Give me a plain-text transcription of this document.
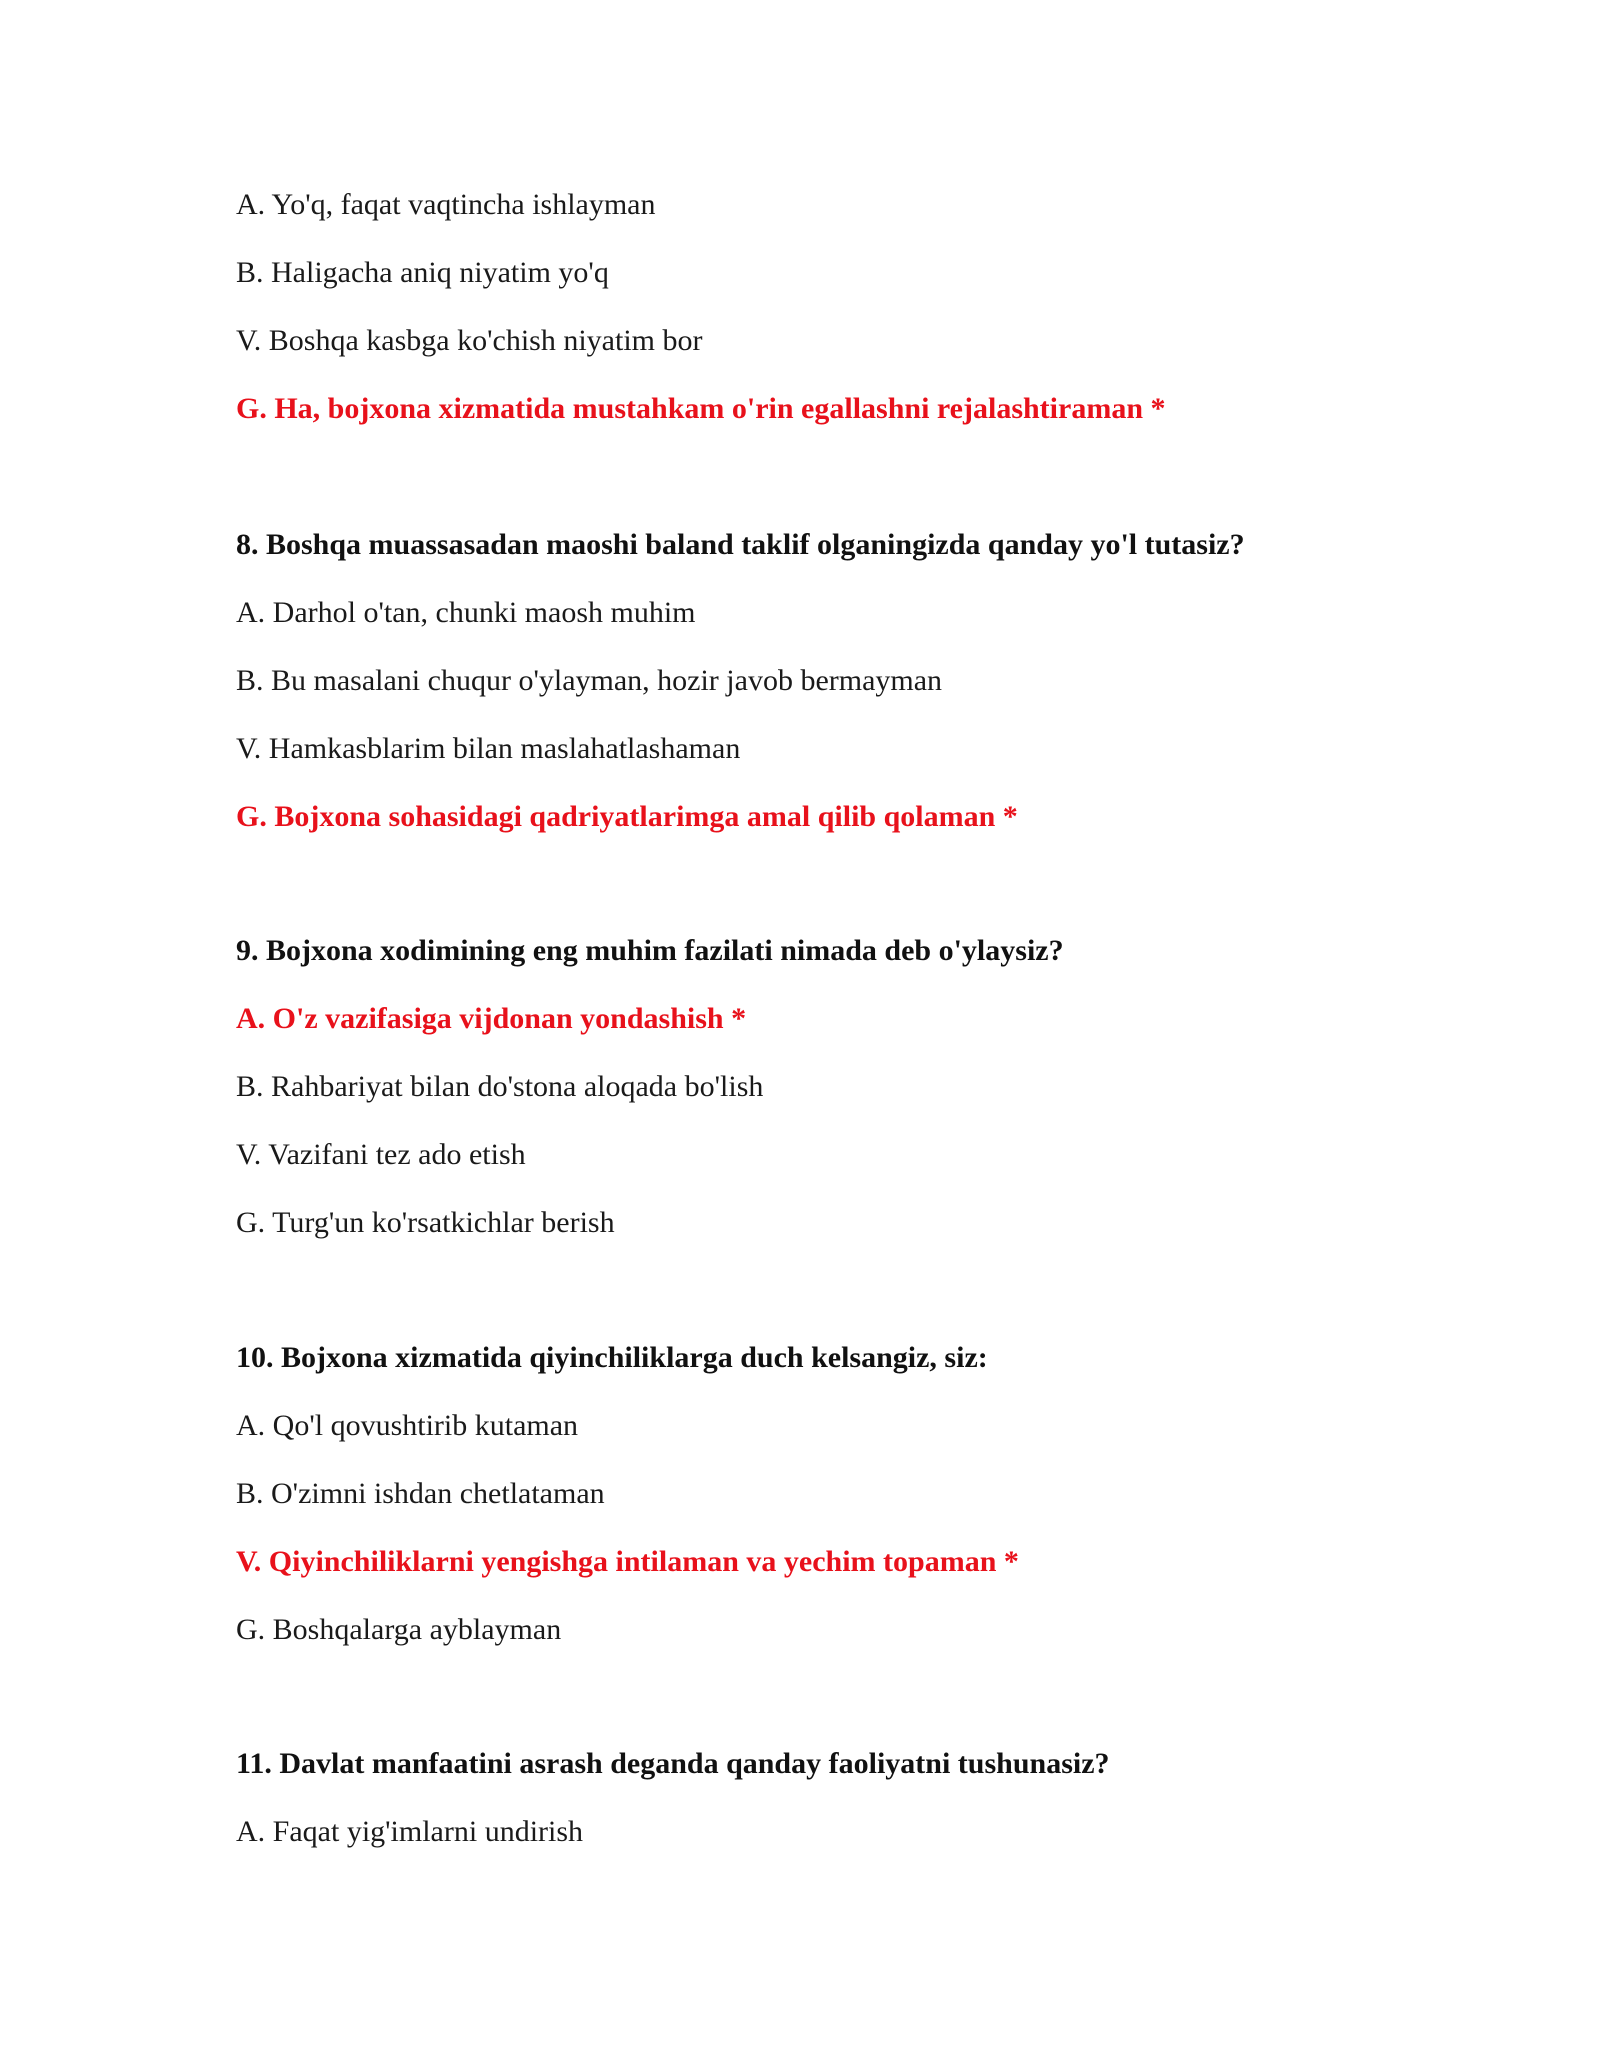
A. Yo'q, faqat vaqtincha ishlayman
B. Haligacha aniq niyatim yo'q
V. Boshqa kasbga ko'chish niyatim bor
G. Ha, bojxona xizmatida mustahkam o'rin egallashni rejalashtiraman *
8. Boshqa muassasadan maoshi baland taklif olganingizda qanday yo'l tutasiz?
A. Darhol o'tan, chunki maosh muhim
B. Bu masalani chuqur o'ylayman, hozir javob bermayman
V. Hamkasblarim bilan maslahatlashaman
G. Bojxona sohasidagi qadriyatlarimga amal qilib qolaman *
9. Bojxona xodimining eng muhim fazilati nimada deb o'ylaysiz?
A. O'z vazifasiga vijdonan yondashish *
B. Rahbariyat bilan do'stona aloqada bo'lish
V. Vazifani tez ado etish
G. Turg'un ko'rsatkichlar berish
10. Bojxona xizmatida qiyinchiliklarga duch kelsangiz, siz:
A. Qo'l qovushtirib kutaman
B. O'zimni ishdan chetlataman
V. Qiyinchiliklarni yengishga intilaman va yechim topaman *
G. Boshqalarga ayblayman
11. Davlat manfaatini asrash deganda qanday faoliyatni tushunasiz?
A. Faqat yig'imlarni undirish
